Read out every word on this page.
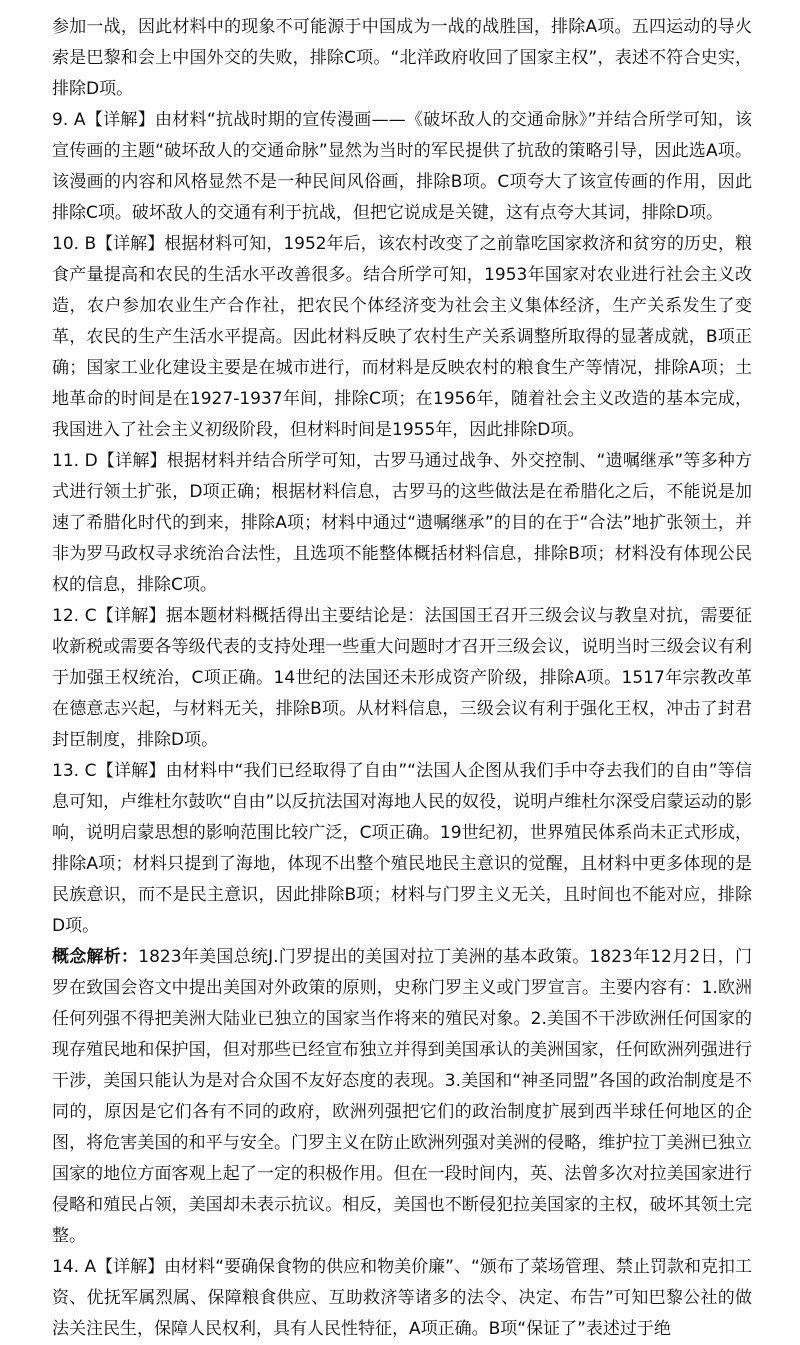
参加一战，因此材料中的现象不可能源于中国成为一战的战胜国，排除A项。五四运动的导火索是巴黎和会上中国外交的失败，排除C项。“北洋政府收回了国家主权”，表述不符合史实，排除D项。

9. A【详解】由材料“抗战时期的宣传漫画——《破坏敌人的交通命脉》”并结合所学可知，该宣传画的主题“破坏敌人的交通命脉”显然为当时的军民提供了抗敌的策略引导，因此选A项。该漫画的内容和风格显然不是一种民间风俗画，排除B项。C项夸大了该宣传画的作用，因此排除C项。破坏敌人的交通有利于抗战，但把它说成是关键，这有点夸大其词，排除D项。

10. B【详解】根据材料可知，1952年后，该农村改变了之前靠吃国家救济和贫穷的历史，粮食产量提高和农民的生活水平改善很多。结合所学可知，1953年国家对农业进行社会主义改造，农户参加农业生产合作社，把农民个体经济变为社会主义集体经济，生产关系发生了变革，农民的生产生活水平提高。因此材料反映了农村生产关系调整所取得的显著成就，B项正确；国家工业化建设主要是在城市进行，而材料是反映农村的粮食生产等情况，排除A项；土地革命的时间是在1927-1937年间，排除C项；在1956年，随着社会主义改造的基本完成，我国进入了社会主义初级阶段，但材料时间是1955年，因此排除D项。

11. D【详解】根据材料并结合所学可知，古罗马通过战争、外交控制、“遗嘱继承”等多种方式进行领土扩张，D项正确；根据材料信息，古罗马的这些做法是在希腊化之后，不能说是加速了希腊化时代的到来，排除A项；材料中通过“遗嘱继承”的目的在于“合法”地扩张领土，并非为罗马政权寻求统治合法性，且选项不能整体概括材料信息，排除B项；材料没有体现公民权的信息，排除C项。

12. C【详解】据本题材料概括得出主要结论是：法国国王召开三级会议与教皇对抗，需要征收新税或需要各等级代表的支持处理一些重大问题时才召开三级会议，说明当时三级会议有利于加强王权统治，C项正确。14世纪的法国还未形成资产阶级，排除A项。1517年宗教改革在德意志兴起，与材料无关，排除B项。从材料信息，三级会议有利于强化王权，冲击了封君封臣制度，排除D项。

13. C【详解】由材料中“我们已经取得了自由”“法国人企图从我们手中夺去我们的自由”等信息可知，卢维杜尔鼓吹“自由”以反抗法国对海地人民的奴役，说明卢维杜尔深受启蒙运动的影响，说明启蒙思想的影响范围比较广泛，C项正确。19世纪初，世界殖民体系尚未正式形成，排除A项；材料只提到了海地，体现不出整个殖民地民主意识的觉醒，且材料中更多体现的是民族意识，而不是民主意识，因此排除B项；材料与门罗主义无关，且时间也不能对应，排除D项。

概念解析：1823年美国总统J.门罗提出的美国对拉丁美洲的基本政策。1823年12月2日，门罗在致国会咨文中提出美国对外政策的原则，史称门罗主义或门罗宣言。主要内容有：1.欧洲任何列强不得把美洲大陆业已独立的国家当作将来的殖民对象。2.美国不干涉欧洲任何国家的现存殖民地和保护国，但对那些已经宣布独立并得到美国承认的美洲国家，任何欧洲列强进行干涉，美国只能认为是对合众国不友好态度的表现。3.美国和“神圣同盟”各国的政治制度是不同的，原因是它们各有不同的政府，欧洲列强把它们的政治制度扩展到西半球任何地区的企图，将危害美国的和平与安全。门罗主义在防止欧洲列强对美洲的侵略，维护拉丁美洲已独立国家的地位方面客观上起了一定的积极作用。但在一段时间内，英、法曾多次对拉美国家进行侵略和殖民占领，美国却未表示抗议。相反，美国也不断侵犯拉美国家的主权，破坏其领土完整。

14. A【详解】由材料“要确保食物的供应和物美价廉”、“颁布了菜场管理、禁止罚款和克扣工资、优抚军属烈属、保障粮食供应、互助救济等诸多的法令、决定、布告”可知巴黎公社的做法关注民生，保障人民权利，具有人民性特征，A项正确。B项“保证了”表述过于绝
